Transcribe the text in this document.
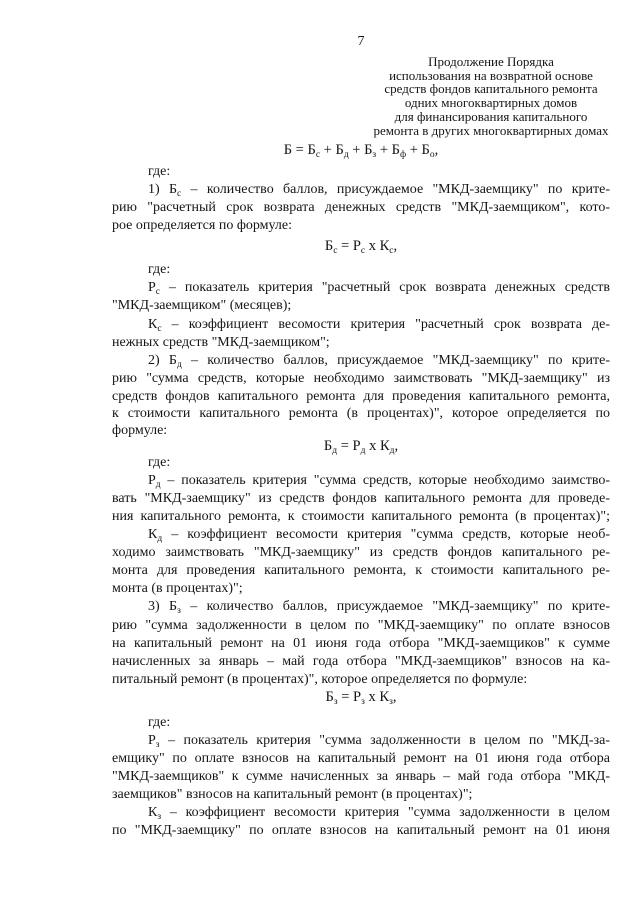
7
Продолжение Порядка
использования на возвратной основе
средств фондов капитального ремонта
одних многоквартирных домов
для финансирования капитального
ремонта в других многоквартирных домах
$Б = Б_с + Б_д + Б_з + Б_ф + Б_о$,
где:
1) $Б_с$ – количество баллов, присуждаемое "МКД-заемщику" по крите-
рию "расчетный срок возврата денежных средств "МКД-заемщиком", кото-
рое определяется по формуле:
$Б_с = Р_с$ х $К_с$,
где:
$Р_с$ – показатель критерия "расчетный срок возврата денежных средств
"МКД-заемщиком" (месяцев);
$К_с$ – коэффициент весомости критерия "расчетный срок возврата де-
нежных средств "МКД-заемщиком";
2) $Б_д$ – количество баллов, присуждаемое "МКД-заемщику" по крите-
рию "сумма средств, которые необходимо заимствовать "МКД-заемщику" из
средств фондов капитального ремонта для проведения капитального ремонта,
к стоимости капитального ремонта (в процентах)", которое определяется по
формуле:
$Б_д = Р_д$ х $К_д$,
где:
$Р_д$ – показатель критерия "сумма средств, которые необходимо заимство-
вать "МКД-заемщику" из средств фондов капитального ремонта для проведе-
ния капитального ремонта, к стоимости капитального ремонта (в процентах)";
$К_д$ – коэффициент весомости критерия "сумма средств, которые необ-
ходимо заимствовать "МКД-заемщику" из средств фондов капитального ре-
монта для проведения капитального ремонта, к стоимости капитального ре-
монта (в процентах)";
3) $Б_з$ – количество баллов, присуждаемое "МКД-заемщику" по крите-
рию "сумма задолженности в целом по "МКД-заемщику" по оплате взносов
на капитальный ремонт на 01 июня года отбора "МКД-заемщиков" к сумме
начисленных за январь – май года отбора "МКД-заемщиков" взносов на ка-
питальный ремонт (в процентах)", которое определяется по формуле:
$Б_з = Р_з$ х $К_з$,
где:
$Р_з$ – показатель критерия "сумма задолженности в целом по "МКД-за-
емщику" по оплате взносов на капитальный ремонт на 01 июня года отбора
"МКД-заемщиков" к сумме начисленных за январь – май года отбора "МКД-
заемщиков" взносов на капитальный ремонт (в процентах)";
$К_з$ – коэффициент весомости критерия "сумма задолженности в целом
по "МКД-заемщику" по оплате взносов на капитальный ремонт на 01 июня
